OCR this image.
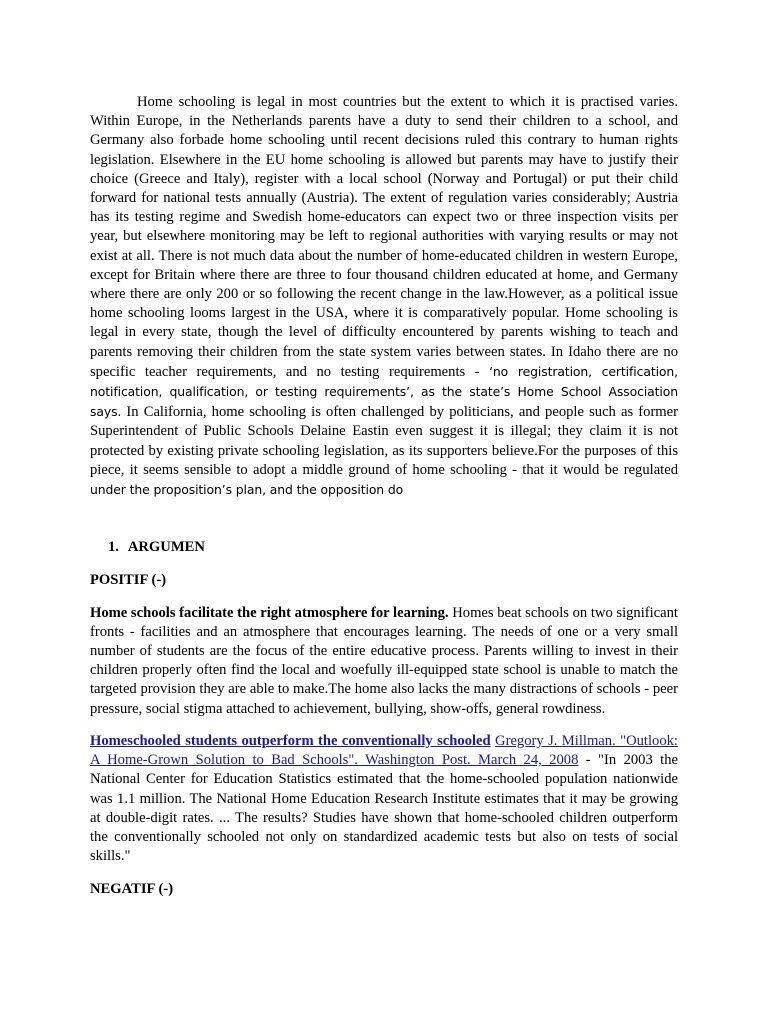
Home schooling is legal in most countries but the extent to which it is practised varies. Within Europe, in the Netherlands parents have a duty to send their children to a school, and Germany also forbade home schooling until recent decisions ruled this contrary to human rights legislation. Elsewhere in the EU home schooling is allowed but parents may have to justify their choice (Greece and Italy), register with a local school (Norway and Portugal) or put their child forward for national tests annually (Austria). The extent of regulation varies considerably; Austria has its testing regime and Swedish home-educators can expect two or three inspection visits per year, but elsewhere monitoring may be left to regional authorities with varying results or may not exist at all. There is not much data about the number of home-educated children in western Europe, except for Britain where there are three to four thousand children educated at home, and Germany where there are only 200 or so following the recent change in the law.However, as a political issue home schooling looms largest in the USA, where it is comparatively popular. Home schooling is legal in every state, though the level of difficulty encountered by parents wishing to teach and parents removing their children from the state system varies between states. In Idaho there are no specific teacher requirements, and no testing requirements - ‘no registration, certification, notification, qualification, or testing requirements’, as the state’s Home School Association says. In California, home schooling is often challenged by politicians, and people such as former Superintendent of Public Schools Delaine Eastin even suggest it is illegal; they claim it is not protected by existing private schooling legislation, as its supporters believe.For the purposes of this piece, it seems sensible to adopt a middle ground of home schooling - that it would be regulated under the proposition’s plan, and the opposition do

1. ARGUMEN
POSITIF (-)

Home schools facilitate the right atmosphere for learning. Homes beat schools on two significant fronts - facilities and an atmosphere that encourages learning. The needs of one or a very small number of students are the focus of the entire educative process. Parents willing to invest in their children properly often find the local and woefully ill-equipped state school is unable to match the targeted provision they are able to make.The home also lacks the many distractions of schools - peer pressure, social stigma attached to achievement, bullying, show-offs, general rowdiness.

Homeschooled students outperform the conventionally schooled Gregory J. Millman. "Outlook: A Home-Grown Solution to Bad Schools". Washington Post. March 24, 2008 - "In 2003 the National Center for Education Statistics estimated that the home-schooled population nationwide was 1.1 million. The National Home Education Research Institute estimates that it may be growing at double-digit rates. ... The results? Studies have shown that home-schooled children outperform the conventionally schooled not only on standardized academic tests but also on tests of social skills."

NEGATIF (-)
